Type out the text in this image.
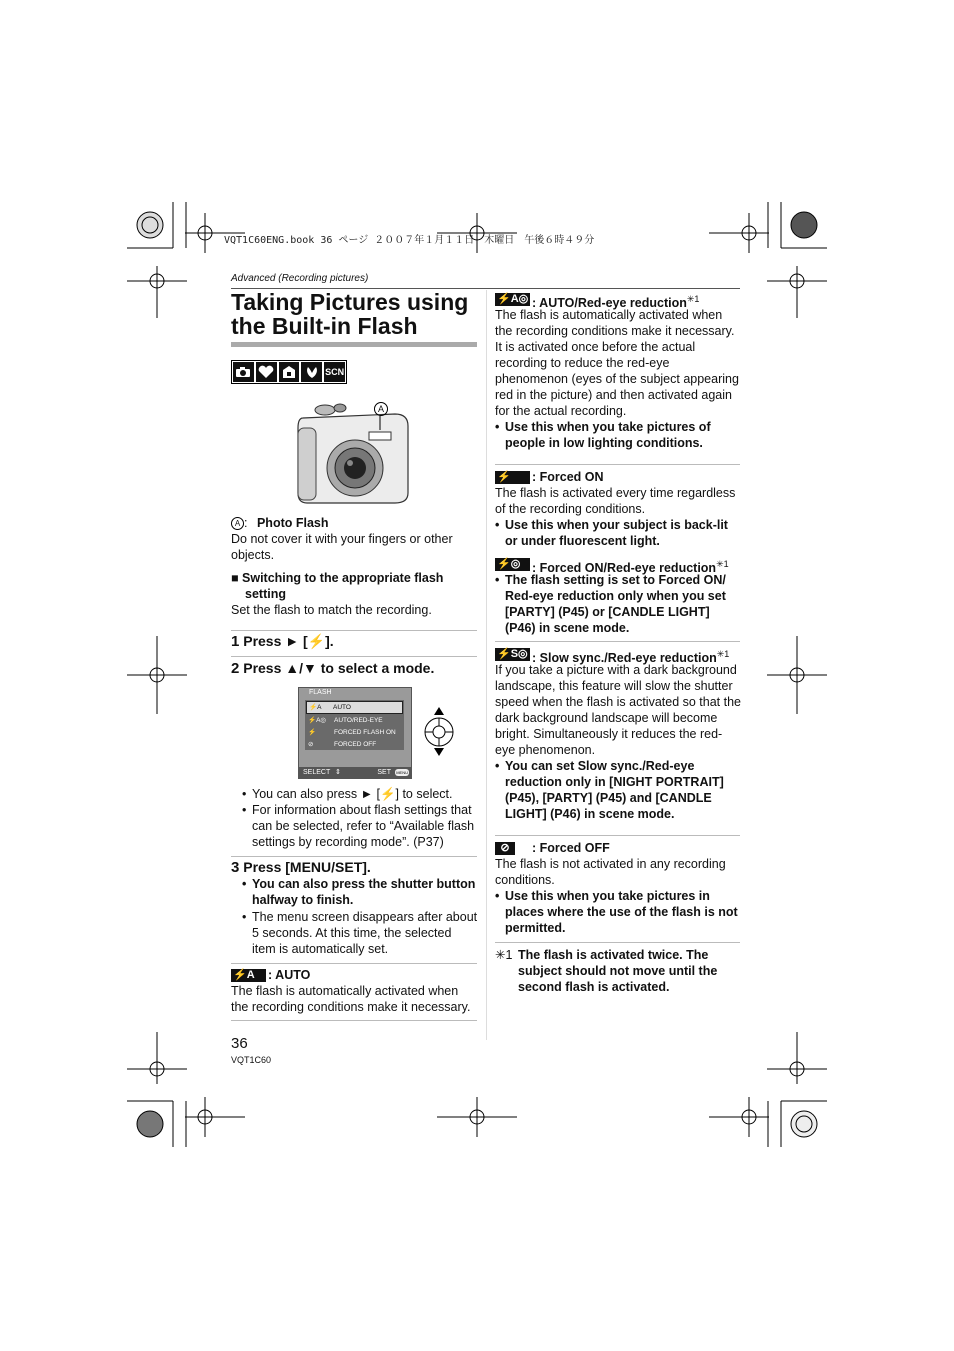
VQT1C60ENG.book 36 ページ ２００７年１月１１日　木曜日　午後６時４９分
Advanced (Recording pictures)
Taking Pictures using
the Built-in Flash
SCN
A
A : Photo Flash
Do not cover it with your fingers or other objects.
■ Switching to the appropriate flash
setting
Set the flash to match the recording.
1 Press ► [⚡].
2 Press ▲/▼ to select a mode.
FLASH
⚡A	AUTO
⚡A◎	AUTO/RED-EYE
⚡	FORCED FLASH ON
⊘	FORCED OFF
SELECT ⇕	SET MENU
• You can also press ► [⚡] to select.
• For information about flash settings that can be selected, refer to “Available flash settings by recording mode”. (P37)
3 Press [MENU/SET].
• You can also press the shutter button halfway to finish.
• The menu screen disappears after about 5 seconds. At this time, the selected item is automatically set.
⚡A	: AUTO
The flash is automatically activated when the recording conditions make it necessary.
36
VQT1C60
⚡A◎ : AUTO/Red-eye reduction$^{✳1}$
The flash is automatically activated when the recording conditions make it necessary. It is activated once before the actual recording to reduce the red-eye phenomenon (eyes of the subject appearing red in the picture) and then activated again for the actual recording.
• Use this when you take pictures of people in low lighting conditions.
⚡	: Forced ON
The flash is activated every time regardless of the recording conditions.
• Use this when your subject is back-lit or under fluorescent light.
⚡◎ : Forced ON/Red-eye reduction$^{✳1}$
• The flash setting is set to Forced ON/ Red-eye reduction only when you set [PARTY] (P45) or [CANDLE LIGHT] (P46) in scene mode.
⚡S◎ : Slow sync./Red-eye reduction$^{✳1}$
If you take a picture with a dark background landscape, this feature will slow the shutter speed when the flash is activated so that the dark background landscape will become bright. Simultaneously it reduces the red-eye phenomenon.
• You can set Slow sync./Red-eye reduction only in [NIGHT PORTRAIT] (P45), [PARTY] (P45) and [CANDLE LIGHT] (P46) in scene mode.
⊘	: Forced OFF
The flash is not activated in any recording conditions.
• Use this when you take pictures in places where the use of the flash is not permitted.
✳1 The flash is activated twice. The subject should not move until the second flash is activated.
